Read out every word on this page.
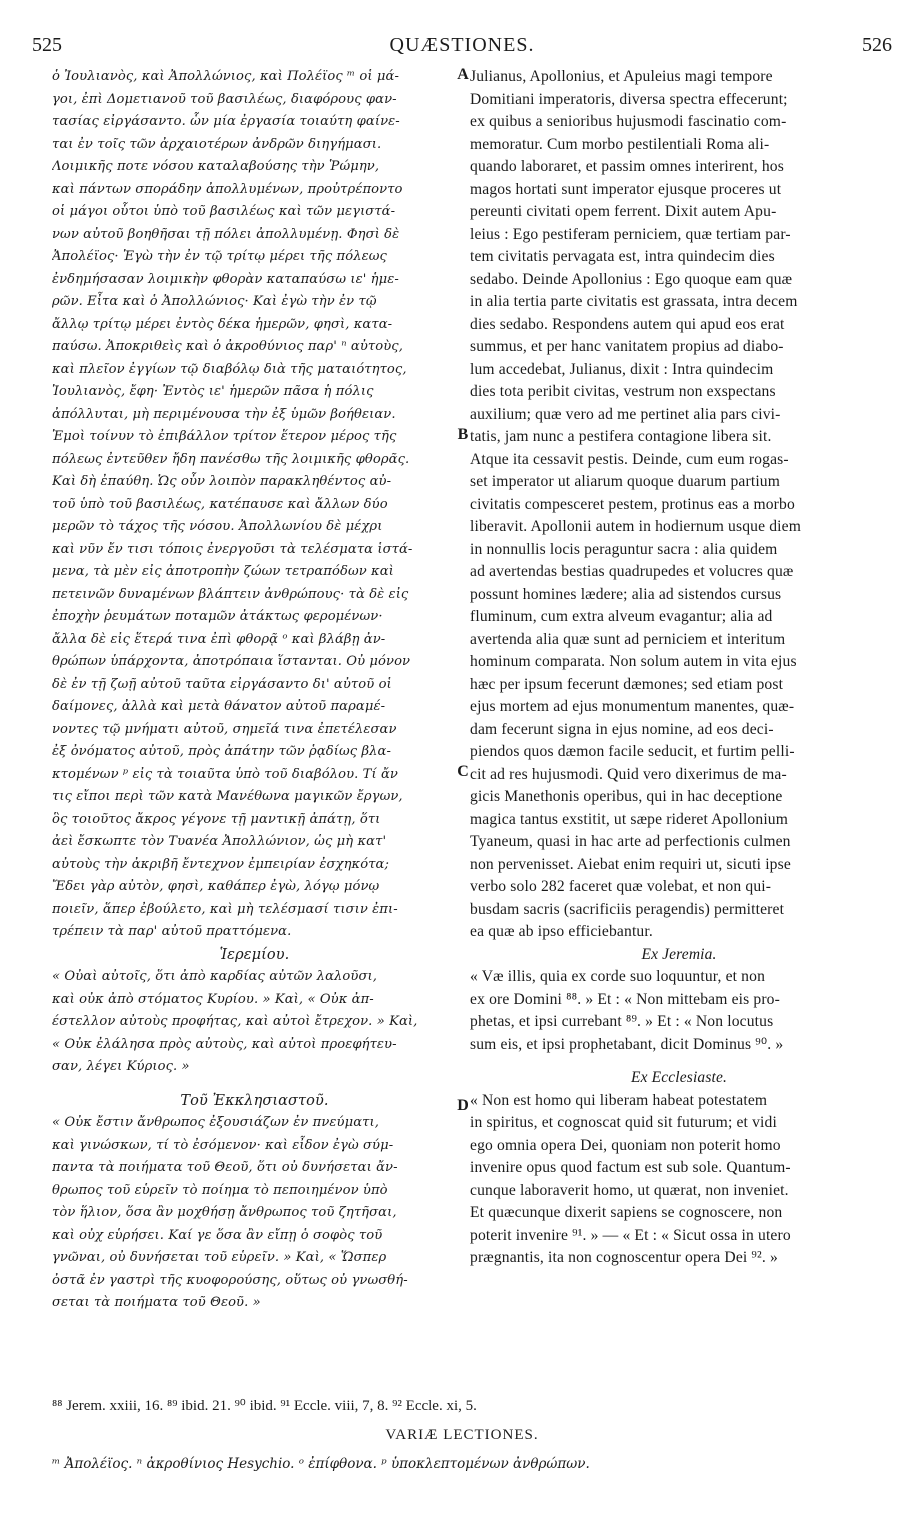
525	QUÆSTIONES.	526
ὁ Ἰουλιανὸς, καὶ Ἀπολλώνιος, καὶ Πολέϊος ᵐ οἱ μά-
γοι, ἐπὶ Δομετιανοῦ τοῦ βασιλέως, διαφόρους φαν-
τασίας εἰργάσαντο. ὧν μία ἐργασία τοιαύτη φαίνε-
ται ἐν τοῖς τῶν ἀρχαιοτέρων ἀνδρῶν διηγήμασι.
Λοιμικῆς ποτε νόσου καταλαβούσης τὴν Ῥώμην,
καὶ πάντων σποράδην ἀπολλυμένων, προὐτρέποντο
οἱ μάγοι οὗτοι ὑπὸ τοῦ βασιλέως καὶ τῶν μεγιστά-
νων αὐτοῦ βοηθῆσαι τῇ πόλει ἀπολλυμένῃ. Φησὶ δὲ
Ἀπολέϊος· Ἐγὼ τὴν ἐν τῷ τρίτῳ μέρει τῆς πόλεως
ἐνδημήσασαν λοιμικὴν φθορὰν καταπαύσω ιε' ἡμε-
ρῶν. Εἶτα καὶ ὁ Ἀπολλώνιος· Καὶ ἐγὼ τὴν ἐν τῷ
ἄλλῳ τρίτῳ μέρει ἐντὸς δέκα ἡμερῶν, φησὶ, κατα-
παύσω. Ἀποκριθεὶς καὶ ὁ ἀκροθύνιος παρ' ⁿ αὐτοὺς,
καὶ πλεῖον ἐγγίων τῷ διαβόλῳ διὰ τῆς ματαιότητος,
Ἰουλιανὸς, ἔφη· Ἐντὸς ιε' ἡμερῶν πᾶσα ἡ πόλις
ἀπόλλυται, μὴ περιμένουσα τὴν ἐξ ὑμῶν βοήθειαν.
Ἐμοὶ τοίνυν τὸ ἐπιβάλλον τρίτον ἕτερον μέρος τῆς
πόλεως ἐντεῦθεν ἤδη πανέσθω τῆς λοιμικῆς φθορᾶς.
Καὶ δὴ ἐπαύθη. Ὡς οὖν λοιπὸν παρακληθέντος αὐ-
τοῦ ὑπὸ τοῦ βασιλέως, κατέπαυσε καὶ ἄλλων δύο
μερῶν τὸ τάχος τῆς νόσου. Ἀπολλωνίου δὲ μέχρι
καὶ νῦν ἔν τισι τόποις ἐνεργοῦσι τὰ τελέσματα ἱστά-
μενα, τὰ μὲν εἰς ἀποτροπὴν ζώων τετραπόδων καὶ
πετεινῶν δυναμένων βλάπτειν ἀνθρώπους· τὰ δὲ εἰς
ἐποχὴν ῥευμάτων ποταμῶν ἀτάκτως φερομένων·
ἄλλα δὲ εἰς ἕτερά τινα ἐπὶ φθορᾷ ᵒ καὶ βλάβῃ ἀν-
θρώπων ὑπάρχοντα, ἀποτρόπαια ἵστανται. Οὐ μόνον
δὲ ἐν τῇ ζωῇ αὐτοῦ ταῦτα εἰργάσαντο δι' αὐτοῦ οἱ
δαίμονες, ἀλλὰ καὶ μετὰ θάνατον αὐτοῦ παραμέ-
νοντες τῷ μνήματι αὐτοῦ, σημεῖά τινα ἐπετέλεσαν
ἐξ ὀνόματος αὐτοῦ, πρὸς ἀπάτην τῶν ῥᾳδίως βλα-
κτομένων ᵖ εἰς τὰ τοιαῦτα ὑπὸ τοῦ διαβόλου. Τί ἄν
τις εἴποι περὶ τῶν κατὰ Μανέθωνα μαγικῶν ἔργων,
ὃς τοιοῦτος ἄκρος γέγονε τῇ μαντικῇ ἀπάτῃ, ὅτι
ἀεὶ ἔσκωπτε τὸν Τυανέα Ἀπολλώνιον, ὡς μὴ κατ'
αὐτοὺς τὴν ἀκριβῆ ἔντεχνον ἐμπειρίαν ἐσχηκότα;
Ἔδει γὰρ αὐτὸν, φησὶ, καθάπερ ἐγὼ, λόγῳ μόνῳ
ποιεῖν, ἅπερ ἐβούλετο, καὶ μὴ τελέσμασί τισιν ἐπι-
τρέπειν τὰ παρ' αὐτοῦ πραττόμενα.
Ἱερεμίου.
« Οὐαὶ αὐτοῖς, ὅτι ἀπὸ καρδίας αὐτῶν λαλοῦσι,
καὶ οὐκ ἀπὸ στόματος Κυρίου. » Καὶ, « Οὐκ ἀπ-
έστελλον αὐτοὺς προφήτας, καὶ αὐτοὶ ἔτρεχον. » Καὶ,
« Οὐκ ἐλάλησα πρὸς αὐτοὺς, καὶ αὐτοὶ προεφήτευ-
σαν, λέγει Κύριος. »
Τοῦ Ἐκκλησιαστοῦ.
« Οὐκ ἔστιν ἄνθρωπος ἐξουσιάζων ἐν πνεύματι,
καὶ γινώσκων, τί τὸ ἐσόμενον· καὶ εἶδον ἐγὼ σύμ-
παντα τὰ ποιήματα τοῦ Θεοῦ, ὅτι οὐ δυνήσεται ἄν-
θρωπος τοῦ εὑρεῖν τὸ ποίημα τὸ πεποιημένον ὑπὸ
τὸν ἥλιον, ὅσα ἂν μοχθήσῃ ἄνθρωπος τοῦ ζητῆσαι,
καὶ οὐχ εὑρήσει. Καί γε ὅσα ἂν εἴπῃ ὁ σοφὸς τοῦ
γνῶναι, οὐ δυνήσεται τοῦ εὑρεῖν. » Καὶ, « Ὥσπερ
ὀστᾶ ἐν γαστρὶ τῆς κυοφορούσης, οὕτως οὐ γνωσθή-
σεται τὰ ποιήματα τοῦ Θεοῦ. »
Julianus, Apollonius, et Apuleius magi tempore
Domitiani imperatoris, diversa spectra effecerunt;
ex quibus a senioribus hujusmodi fascinatio com-
memoratur. Cum morbo pestilentiali Roma ali-
quando laboraret, et passim omnes interirent, hos
magos hortati sunt imperator ejusque proceres ut
pereunti civitati opem ferrent. Dixit autem Apu-
leius : Ego pestiferam perniciem, quæ tertiam par-
tem civitatis pervagata est, intra quindecim dies
sedabo. Deinde Apollonius : Ego quoque eam quæ
in alia tertia parte civitatis est grassata, intra decem
dies sedabo. Respondens autem qui apud eos erat
summus, et per hanc vanitatem propius ad diabo-
lum accedebat, Julianus, dixit : Intra quindecim
dies tota peribit civitas, vestrum non exspectans
auxilium; quæ vero ad me pertinet alia pars civi-
tatis, jam nunc a pestifera contagione libera sit.
Atque ita cessavit pestis. Deinde, cum eum rogas-
set imperator ut aliarum quoque duarum partium
civitatis compesceret pestem, protinus eas a morbo
liberavit. Apollonii autem in hodiernum usque diem
in nonnullis locis peraguntur sacra : alia quidem
ad avertendas bestias quadrupedes et volucres quæ
possunt homines lædere; alia ad sistendos cursus
fluminum, cum extra alveum evagantur; alia ad
avertenda alia quæ sunt ad perniciem et interitum
hominum comparata. Non solum autem in vita ejus
hæc per ipsum fecerunt dæmones; sed etiam post
ejus mortem ad ejus monumentum manentes, quæ-
dam fecerunt signa in ejus nomine, ad eos deci-
piendos quos dæmon facile seducit, et furtim pelli-
cit ad res hujusmodi. Quid vero dixerimus de ma-
gicis Manethonis operibus, qui in hac deceptione
magica tantus exstitit, ut sæpe rideret Apollonium
Tyaneum, quasi in hac arte ad perfectionis culmen
non pervenisset. Aiebat enim requiri ut, sicuti ipse
verbo solo 282 faceret quæ volebat, et non qui-
busdam sacris (sacrificiis peragendis) permitteret
ea quæ ab ipso efficiebantur.
Ex Jeremia.
« Væ illis, quia ex corde suo loquuntur, et non
ex ore Domini ⁸⁸. » Et : « Non mittebam eis pro-
phetas, et ipsi currebant ⁸⁹. » Et : « Non locutus
sum eis, et ipsi prophetabant, dicit Dominus ⁹⁰. »
Ex Ecclesiaste.
« Non est homo qui liberam habeat potestatem
in spiritus, et cognoscat quid sit futurum; et vidi
ego omnia opera Dei, quoniam non poterit homo
invenire opus quod factum est sub sole. Quantum-
cunque laboraverit homo, ut quærat, non inveniet.
Et quæcunque dixerit sapiens se cognoscere, non
poterit invenire ⁹¹. » — « Et : « Sicut ossa in utero
prægnantis, ita non cognoscentur opera Dei ⁹². »
A
B
C
D
⁸⁸ Jerem. xxiii, 16. ⁸⁹ ibid. 21. ⁹⁰ ibid. ⁹¹ Eccle. viii, 7, 8. ⁹² Eccle. xi, 5.
VARIÆ LECTIONES.
ᵐ Ἀπολέϊος. ⁿ ἀκροθίνιος Hesychio. ᵒ ἐπίφθονα. ᵖ ὑποκλεπτομένων ἀνθρώπων.
